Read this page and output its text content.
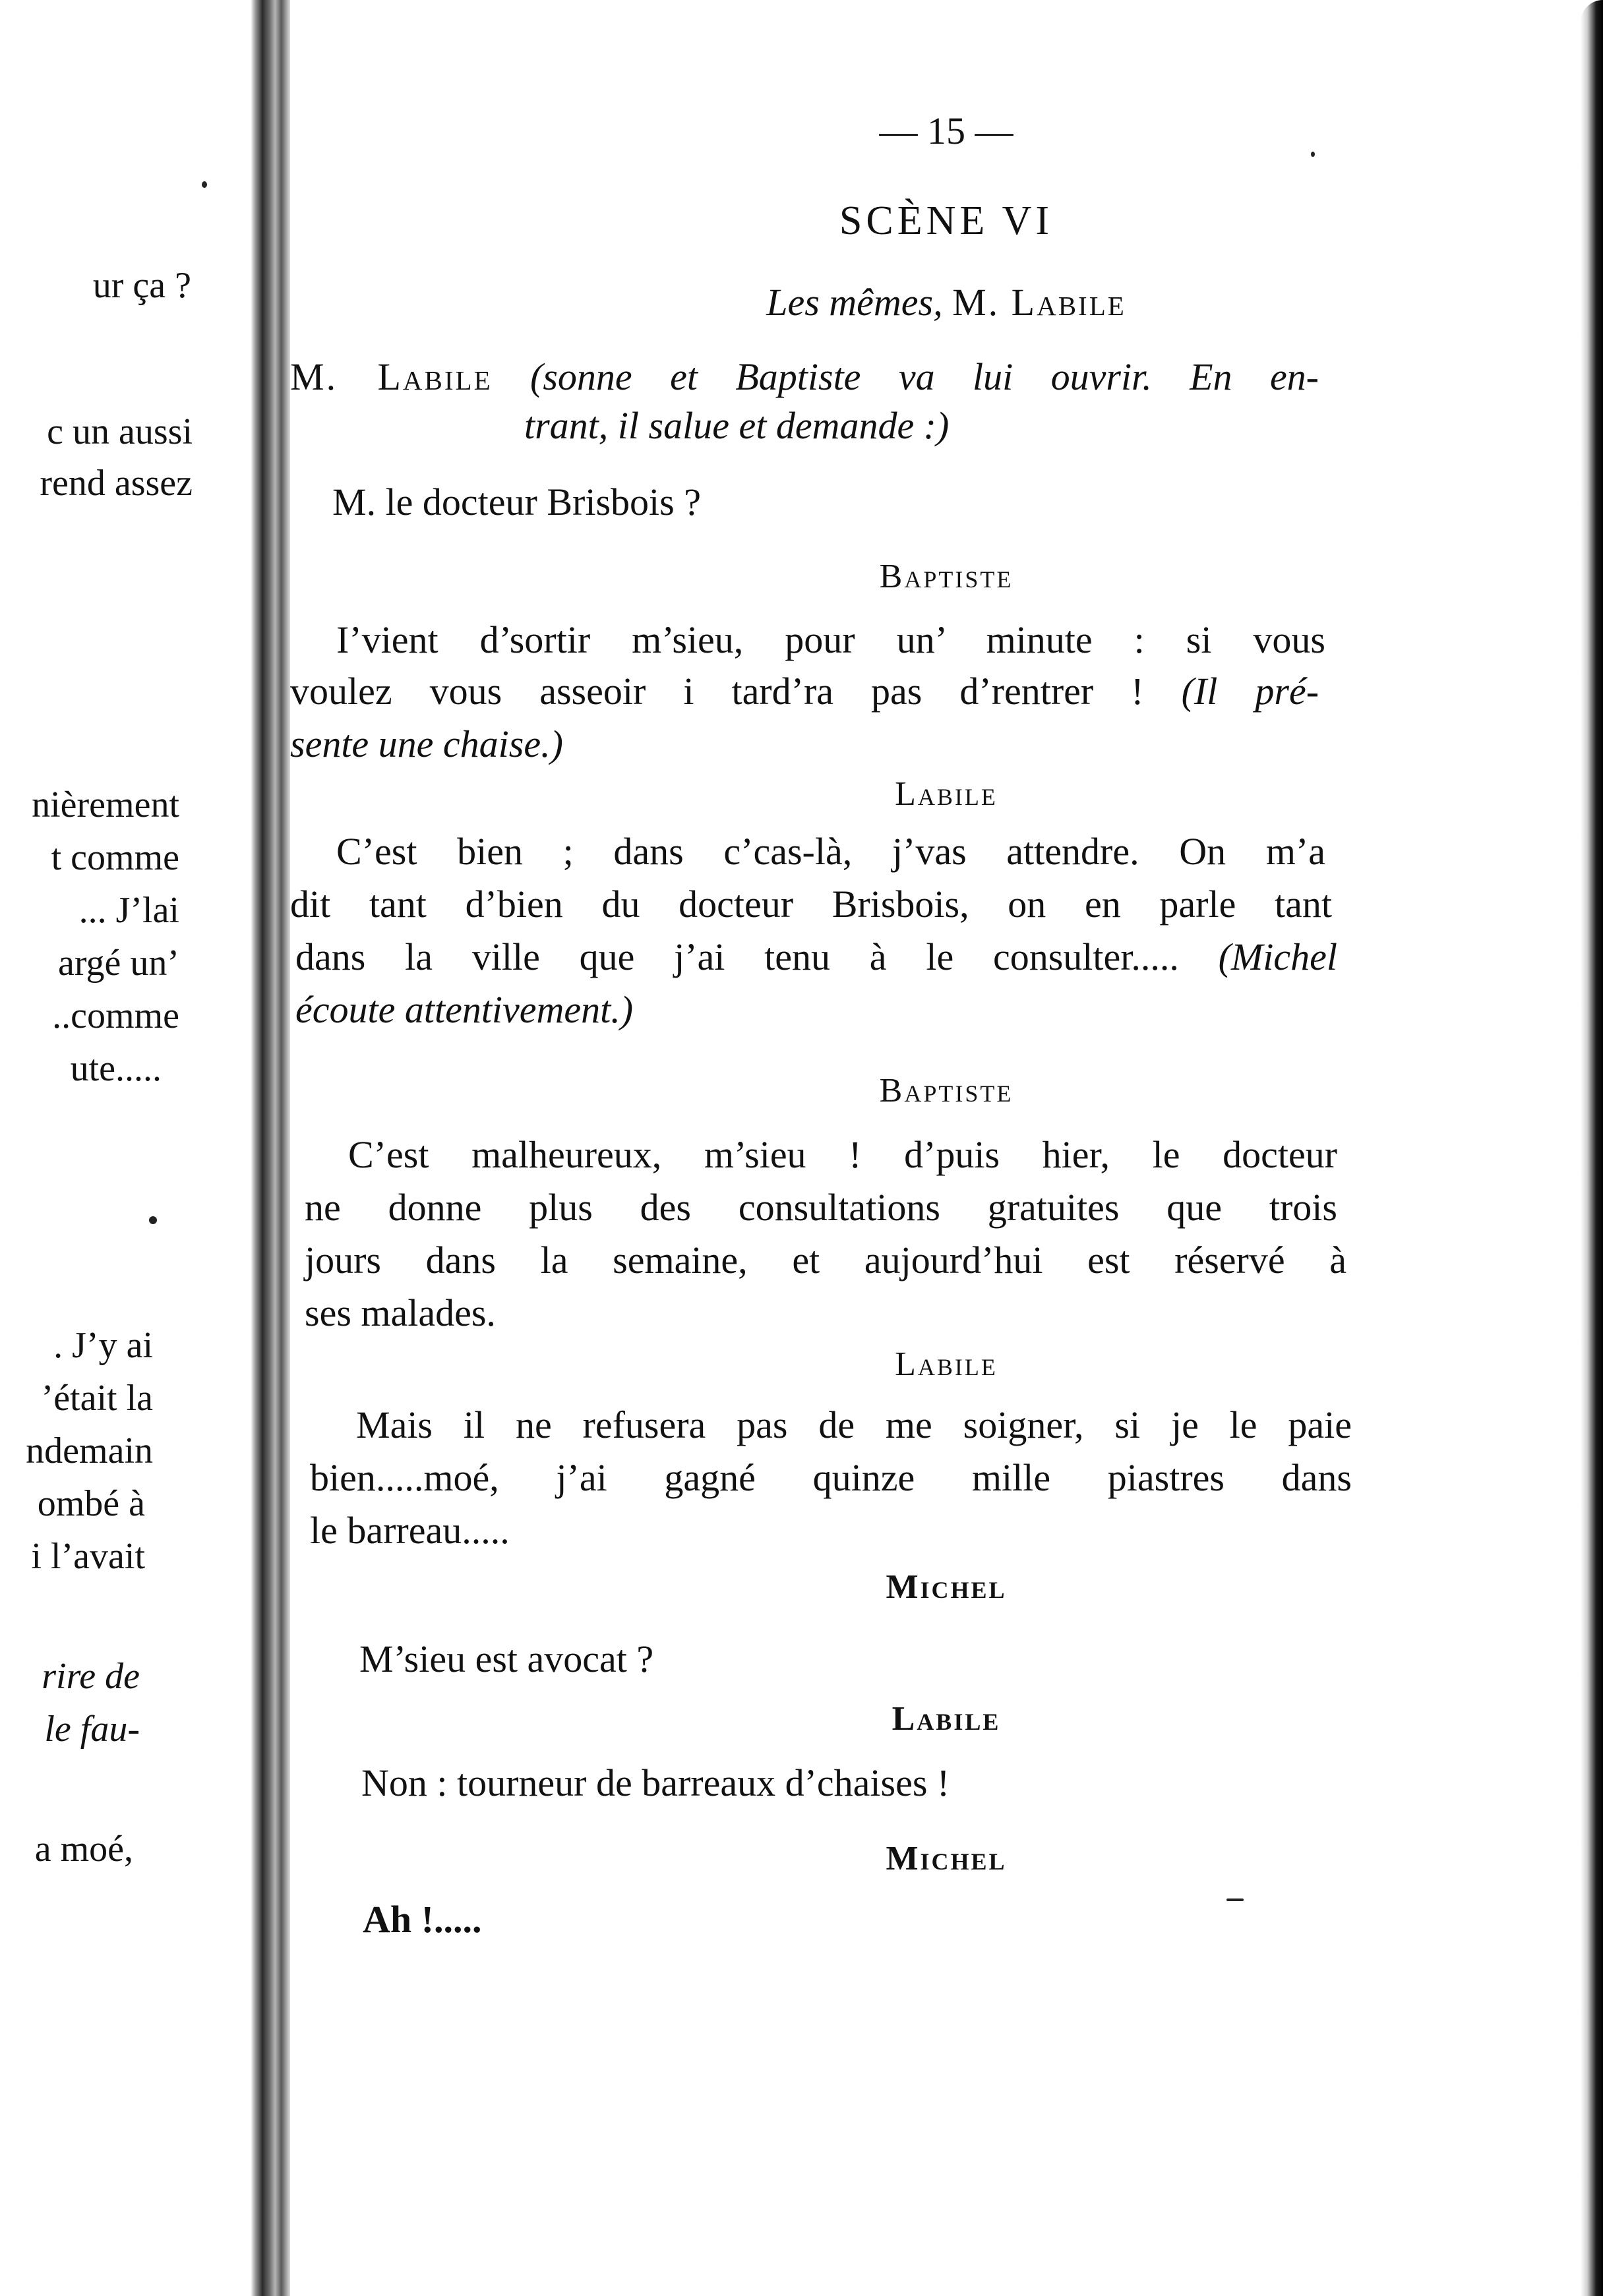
ur ça ?
c un aussi
rend assez
nièrement
t comme
... J’lai
argé un’
..comme
ute.....
. J’y ai
’était la
ndemain
ombé à
i l’avait
rire de
le fau-
a moé,
— 15 —
SCÈNE VI
Les mêmes, M. Labile
M. Labile (sonne et Baptiste va lui ouvrir. En en-
trant, il salue et demande :)
M. le docteur Brisbois ?
Baptiste
I’vient d’sortir m’sieu, pour un’ minute : si vous
voulez vous asseoir i tard’ra pas d’rentrer ! (Il pré-
sente une chaise.)
Labile
C’est bien ; dans c’cas-là, j’vas attendre. On m’a
dit tant d’bien du docteur Brisbois, on en parle tant
dans la ville que j’ai tenu à le consulter..... (Michel
écoute attentivement.)
Baptiste
C’est malheureux, m’sieu ! d’puis hier, le docteur
ne donne plus des consultations gratuites que trois
jours dans la semaine, et aujourd’hui est réservé à
ses malades.
Labile
Mais il ne refusera pas de me soigner, si je le paie
bien.....moé, j’ai gagné quinze mille piastres dans
le barreau.....
Michel
M’sieu est avocat ?
Labile
Non : tourneur de barreaux d’chaises !
Michel
Ah !.....
